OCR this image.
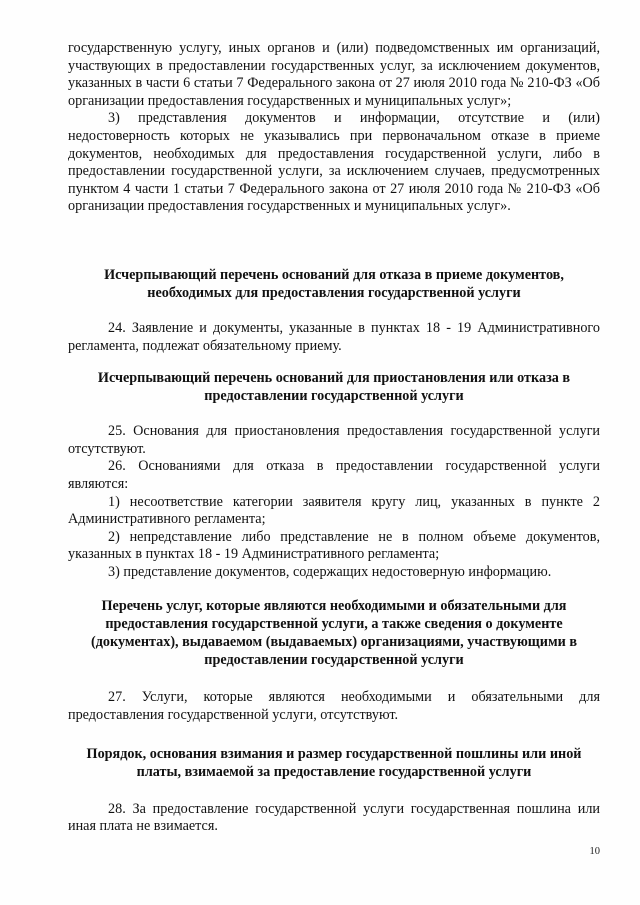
государственную услугу, иных органов и (или) подведомственных им организаций, участвующих в предоставлении государственных услуг, за исключением документов, указанных в части 6 статьи 7 Федерального закона от 27 июля 2010 года № 210-ФЗ «Об организации предоставления государственных и муниципальных услуг»;

3) представления документов и информации, отсутствие и (или) недостоверность которых не указывались при первоначальном отказе в приеме документов, необходимых для предоставления государственной услуги, либо в предоставлении государственной услуги, за исключением случаев, предусмотренных пунктом 4 части 1 статьи 7 Федерального закона от 27 июля 2010 года № 210-ФЗ «Об организации предоставления государственных и муниципальных услуг».

Исчерпывающий перечень оснований для отказа в приеме документов, необходимых для предоставления государственной услуги

24. Заявление и документы, указанные в пунктах 18 - 19 Административного регламента, подлежат обязательному приему.

Исчерпывающий перечень оснований для приостановления или отказа в предоставлении государственной услуги

25. Основания для приостановления предоставления государственной услуги отсутствуют.

26. Основаниями для отказа в предоставлении государственной услуги являются:

1) несоответствие категории заявителя кругу лиц, указанных в пункте 2 Административного регламента;

2) непредставление либо представление не в полном объеме документов, указанных в пунктах 18 - 19 Административного регламента;

3) представление документов, содержащих недостоверную информацию.

Перечень услуг, которые являются необходимыми и обязательными для предоставления государственной услуги, а также сведения о документе (документах), выдаваемом (выдаваемых) организациями, участвующими в предоставлении государственной услуги

27. Услуги, которые являются необходимыми и обязательными для предоставления государственной услуги, отсутствуют.

Порядок, основания взимания и размер государственной пошлины или иной платы, взимаемой за предоставление государственной услуги

28. За предоставление государственной услуги государственная пошлина или иная плата не взимается.

10
